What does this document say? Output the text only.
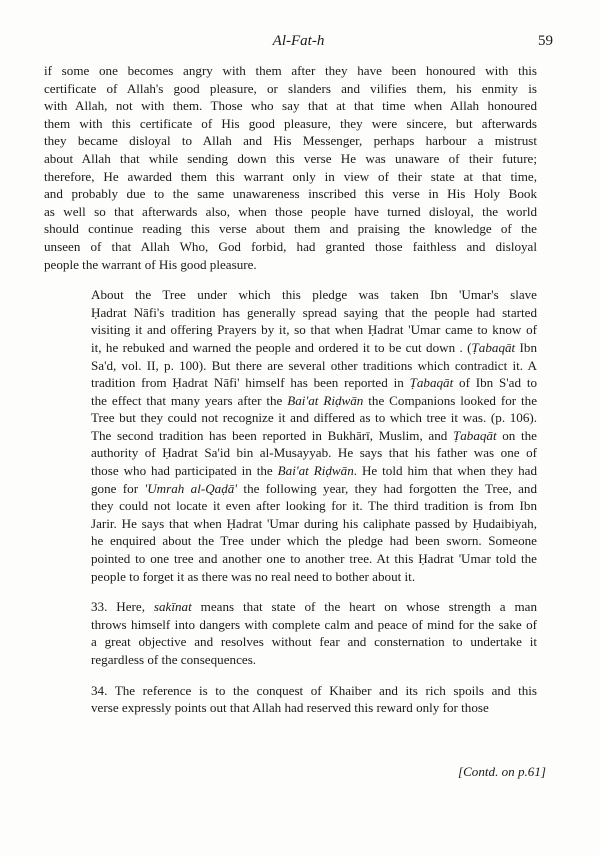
Al-Fat-h	59

if some one becomes angry with them after they have been honoured with this
certificate of Allah's good pleasure, or slanders and vilifies them, his enmity is
with Allah, not with them. Those who say that at that time when Allah honoured
them with this certificate of His good pleasure, they were sincere, but afterwards
they became disloyal to Allah and His Messenger, perhaps harbour a mistrust
about Allah that while sending down this verse He was unaware of their future;
therefore, He awarded them this warrant only in view of their state at that time,
and probably due to the same unawareness inscribed this verse in His Holy Book
as well so that afterwards also, when those people have turned disloyal, the world
should continue reading this verse about them and praising the knowledge of the
unseen of that Allah Who, God forbid, had granted those faithless and disloyal
people the warrant of His good pleasure.

About the Tree under which this pledge was taken Ibn 'Umar's slave
Ḥadrat Nāfi's tradition has generally spread saying that the people had started
visiting it and offering Prayers by it, so that when Ḥadrat 'Umar came to know of
it, he rebuked and warned the people and ordered it to be cut down . (Ṭabaqāt Ibn
Sa'd, vol. II, p. 100). But there are several other traditions which contradict it. A
tradition from Ḥadrat Nāfi' himself has been reported in Ṭabaqāt of Ibn S'ad to
the effect that many years after the Bai'at Riḍwān the Companions looked for the
Tree but they could not recognize it and differed as to which tree it was. (p. 106).
The second tradition has been reported in Bukhārī, Muslim, and Ṭabaqāt on the
authority of Ḥadrat Sa'id bin al-Musayyab. He says that his father was one of
those who had participated in the Bai'at Riḍwān. He told him that when they had
gone for 'Umrah al-Qaḍā' the following year, they had forgotten the Tree, and
they could not locate it even after looking for it. The third tradition is from Ibn
Jarir. He says that when Ḥadrat 'Umar during his caliphate passed by Ḥudaibiyah,
he enquired about the Tree under which the pledge had been sworn. Someone
pointed to one tree and another one to another tree. At this Ḥadrat 'Umar told the
people to forget it as there was no real need to bother about it.

33. Here, sakīnat means that state of the heart on whose strength a man
throws himself into dangers with complete calm and peace of mind for the sake of
a great objective and resolves without fear and consternation to undertake it
regardless of the consequences.

34. The reference is to the conquest of Khaiber and its rich spoils and this
verse expressly points out that Allah had reserved this reward only for those

[Contd. on p.61]
